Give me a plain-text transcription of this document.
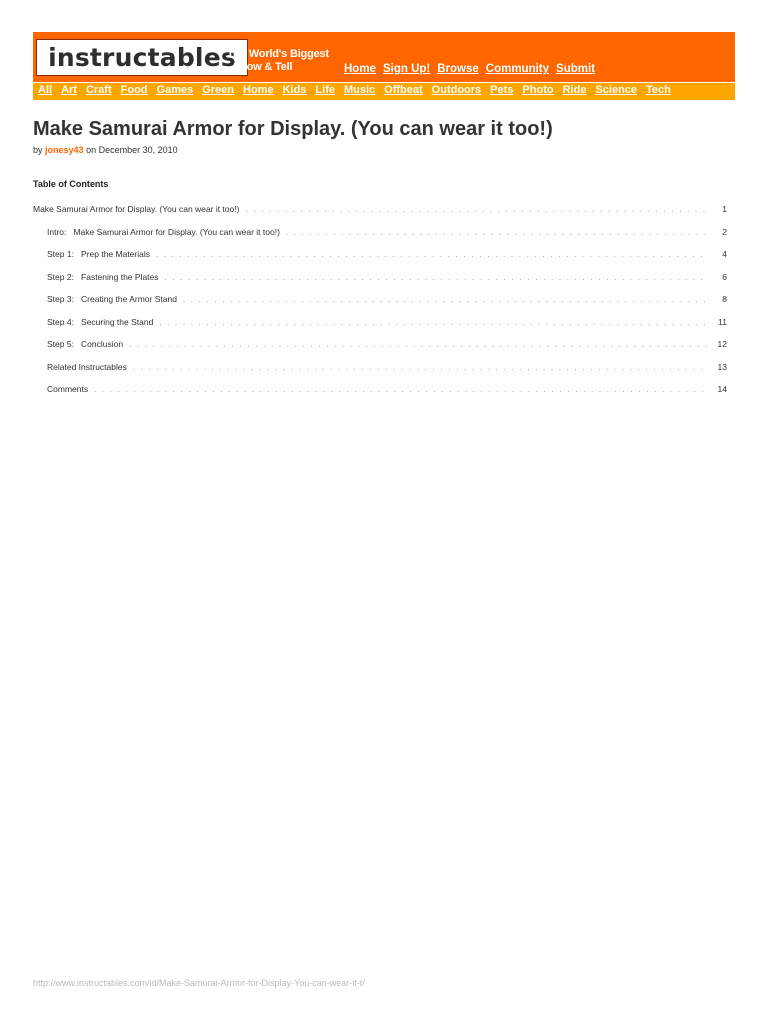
instructables
The World's Biggest
Show & Tell	Home Sign Up! Browse Community Submit
All Art Craft Food Games Green Home Kids Life Music Offbeat Outdoors Pets Photo Ride Science Tech
Make Samurai Armor for Display. (You can wear it too!)
by jonesy43 on December 30, 2010
Table of Contents
Make Samurai Armor for Display. (You can wear it too!) . . .	1
Intro:   Make Samurai Armor for Display. (You can wear it too!) . . .	2
Step 1:   Prep the Materials . . .	4
Step 2:   Fastening the Plates . . .	6
Step 3:   Creating the Armor Stand . . .	8
Step 4:   Securing the Stand . . .	11
Step 5:   Conclusion . . .	12
Related Instructables . . .	13
Comments . . .	14
http://www.instructables.com/id/Make-Samurai-Armor-for-Display-You-can-wear-it-t/
